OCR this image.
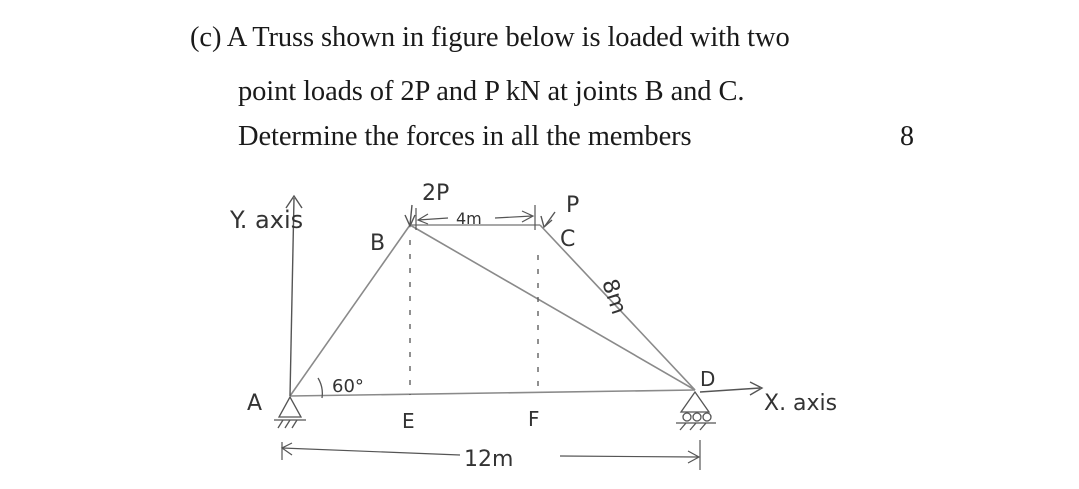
(c) A Truss shown in figure below is loaded with two
point loads of 2P and P kN at joints B and C.
Determine the forces in all the members	8
Y. axis
X. axis
2P	P
4m
8m
12m
60°
A
B	C
D
E	F
